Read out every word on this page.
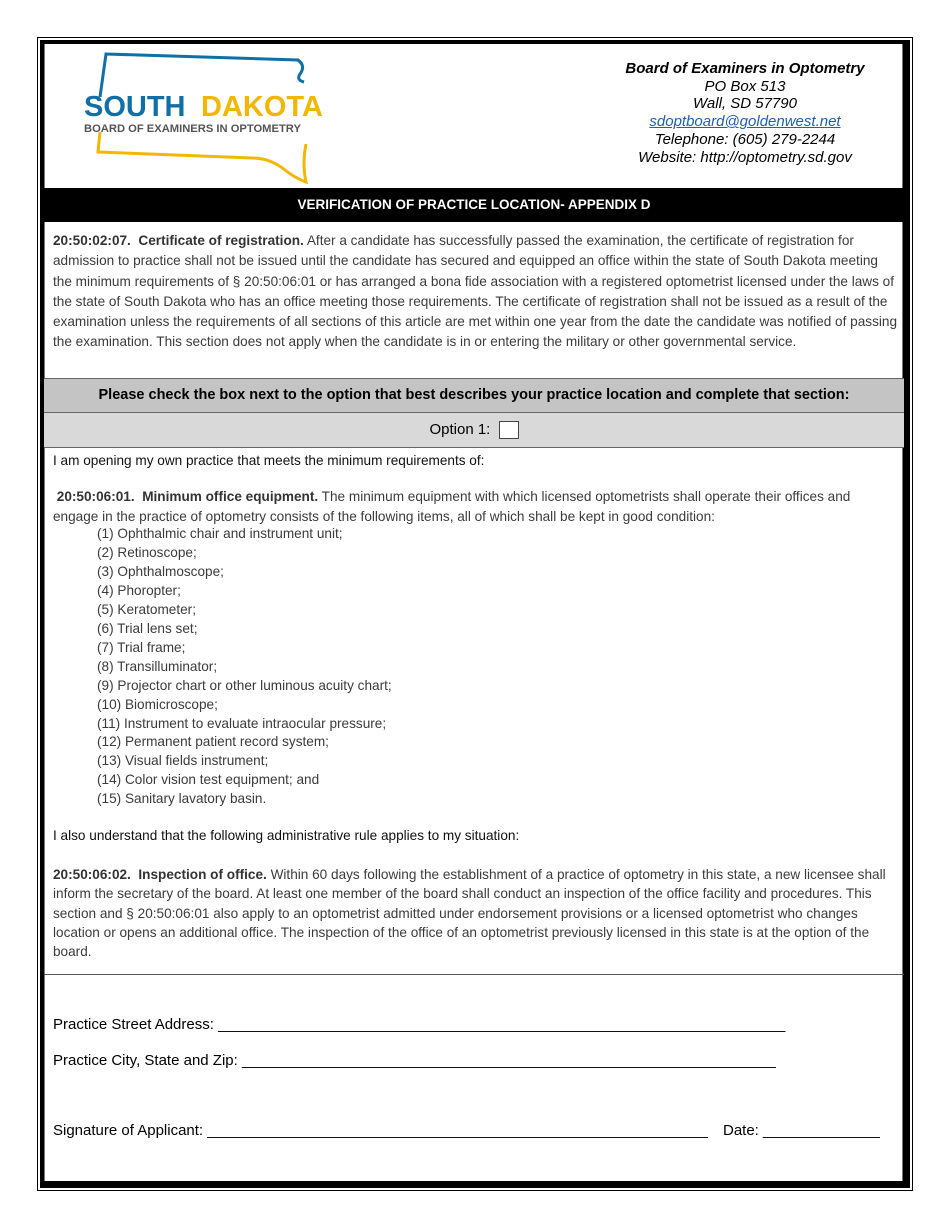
SOUTH DAKOTA
BOARD OF EXAMINERS IN OPTOMETRY
Board of Examiners in Optometry
PO Box 513
Wall, SD 57790
sdoptboard@goldenwest.net
Telephone: (605) 279-2244
Website: http://optometry.sd.gov
VERIFICATION OF PRACTICE LOCATION- APPENDIX D
20:50:02:07. Certificate of registration. After a candidate has successfully passed the examination, the certificate of registration for admission to practice shall not be issued until the candidate has secured and equipped an office within the state of South Dakota meeting the minimum requirements of § 20:50:06:01 or has arranged a bona fide association with a registered optometrist licensed under the laws of the state of South Dakota who has an office meeting those requirements. The certificate of registration shall not be issued as a result of the examination unless the requirements of all sections of this article are met within one year from the date the candidate was notified of passing the examination. This section does not apply when the candidate is in or entering the military or other governmental service.
Please check the box next to the option that best describes your practice location and complete that section:
Option 1:
I am opening my own practice that meets the minimum requirements of:
20:50:06:01. Minimum office equipment. The minimum equipment with which licensed optometrists shall operate their offices and engage in the practice of optometry consists of the following items, all of which shall be kept in good condition:
(1) Ophthalmic chair and instrument unit;
(2) Retinoscope;
(3) Ophthalmoscope;
(4) Phoropter;
(5) Keratometer;
(6) Trial lens set;
(7) Trial frame;
(8) Transilluminator;
(9) Projector chart or other luminous acuity chart;
(10) Biomicroscope;
(11) Instrument to evaluate intraocular pressure;
(12) Permanent patient record system;
(13) Visual fields instrument;
(14) Color vision test equipment; and
(15) Sanitary lavatory basin.
I also understand that the following administrative rule applies to my situation:
20:50:06:02. Inspection of office. Within 60 days following the establishment of a practice of optometry in this state, a new licensee shall inform the secretary of the board. At least one member of the board shall conduct an inspection of the office facility and procedures. This section and § 20:50:06:01 also apply to an optometrist admitted under endorsement provisions or a licensed optometrist who changes location or opens an additional office. The inspection of the office of an optometrist previously licensed in this state is at the option of the board.
Practice Street Address: ____________________________________________________________________
Practice City, State and Zip: ________________________________________________________________
Signature of Applicant: ____________________________________________________________ Date: ______________
